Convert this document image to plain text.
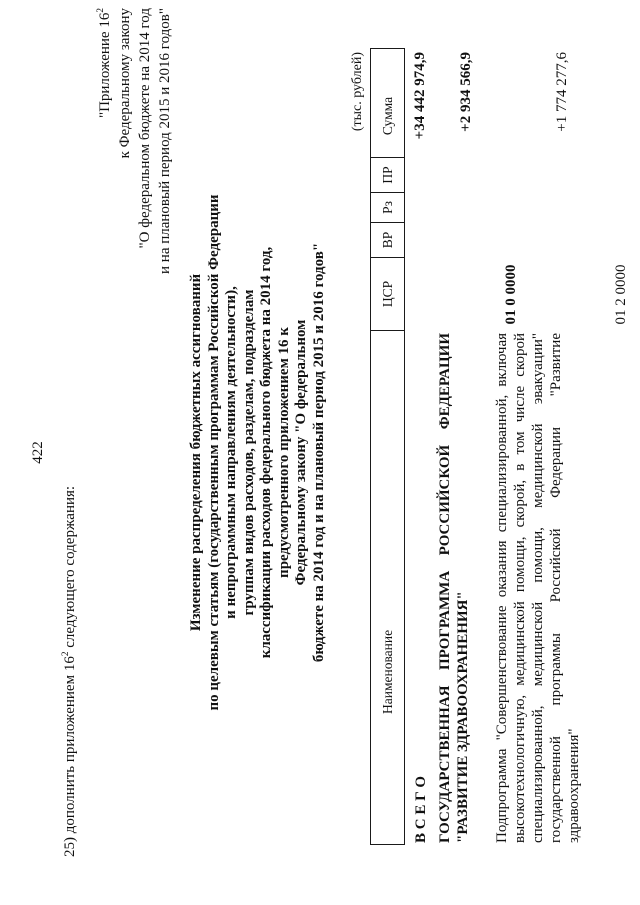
422
25) дополнить приложением $16^2$ следующего содержания:
"Приложение $16^2$ к Федеральному закону "О федеральном бюджете на 2014 год и на плановый период 2015 и 2016 годов"
Изменение распределения бюджетных ассигнований по целевым статьям (государственным программам Российской Федерации и непрограммным направлениям деятельности), группам видов расходов, разделам, подразделам классификации расходов федерального бюджета на 2014 год, предусмотренного приложением 16 к Федеральному закону "О федеральном бюджете на 2014 год и на плановый период 2015 и 2016 годов"
(тыс. рублей)
Наименование
ЦСР
ВР
Рз
ПР
Сумма
В С Е Г О
+34 442 974,9
ГОСУДАРСТВЕННАЯ ПРОГРАММА РОССИЙСКОЙ ФЕДЕРАЦИИ "РАЗВИТИЕ ЗДРАВООХРАНЕНИЯ"
01 0 0000
+2 934 566,9
Подпрограмма "Совершенствование оказания специализированной, включая высокотехнологичную, медицинской помощи, скорой, в том числе скорой специализированной, медицинской помощи, медицинской эвакуации" государственной программы Российской Федерации "Развитие здравоохранения"
01 2 0000
+1 774 277,6
